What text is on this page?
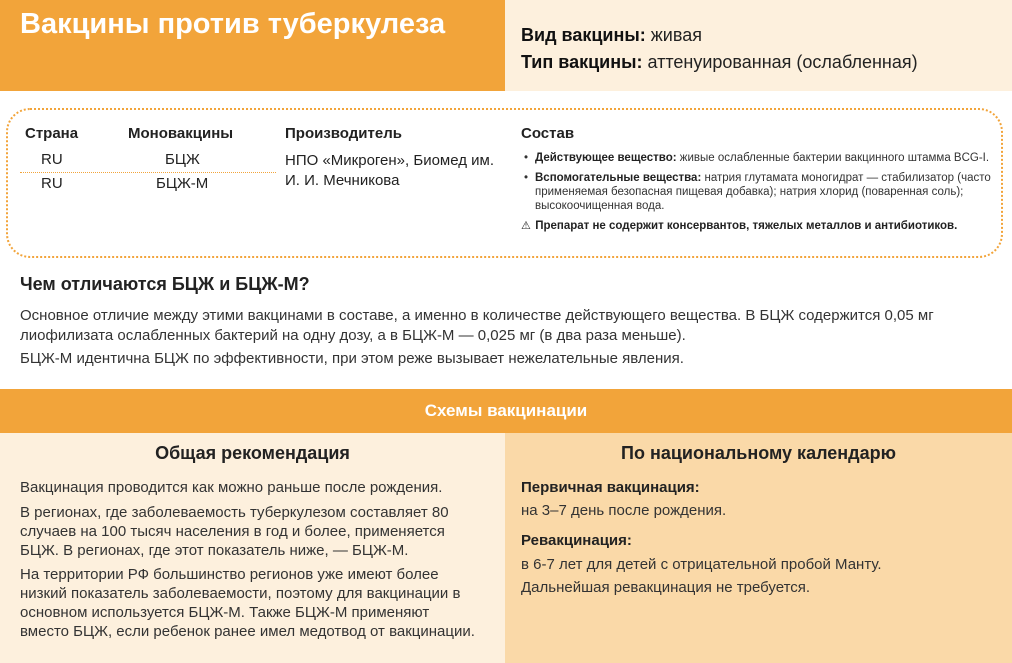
Вакцины против туберкулеза	Вид вакцины: живая
Тип вакцины: аттенуированная (ослабленная)
Страна	Моновакцины	Производитель	Состав
RU	БЦЖ
RU	БЦЖ-М
НПО «Микроген», Биомед им. И. И. Мечникова
• Действующее вещество: живые ослабленные бактерии вакцинного штамма BCG-I.
• Вспомогательные вещества: натрия глутамата моногидрат — стабилизатор (часто применяемая безопасная пищевая добавка); натрия хлорид (поваренная соль); высокоочищенная вода.
⚠ Препарат не содержит консервантов, тяжелых металлов и антибиотиков.
Чем отличаются БЦЖ и БЦЖ-М?
Основное отличие между этими вакцинами в составе, а именно в количестве действующего вещества. В БЦЖ содержится 0,05 мг лиофилизата ослабленных бактерий на одну дозу, а в БЦЖ-М — 0,025 мг (в два раза меньше).
БЦЖ-М идентична БЦЖ по эффективности, при этом реже вызывает нежелательные явления.
Схемы вакцинации
Общая рекомендация
Вакцинация проводится как можно раньше после рождения.
В регионах, где заболеваемость туберкулезом составляет 80 случаев на 100 тысяч населения в год и более, применяется БЦЖ. В регионах, где этот показатель ниже, — БЦЖ-М.
На территории РФ большинство регионов уже имеют более низкий показатель заболеваемости, поэтому для вакцинации в основном используется БЦЖ-М. Также БЦЖ-М применяют вместо БЦЖ, если ребенок ранее имел медотвод от вакцинации.
По национальному календарю
Первичная вакцинация:
на 3–7 день после рождения.
Ревакцинация:
в 6-7 лет для детей с отрицательной пробой Манту.
Дальнейшая ревакцинация не требуется.
